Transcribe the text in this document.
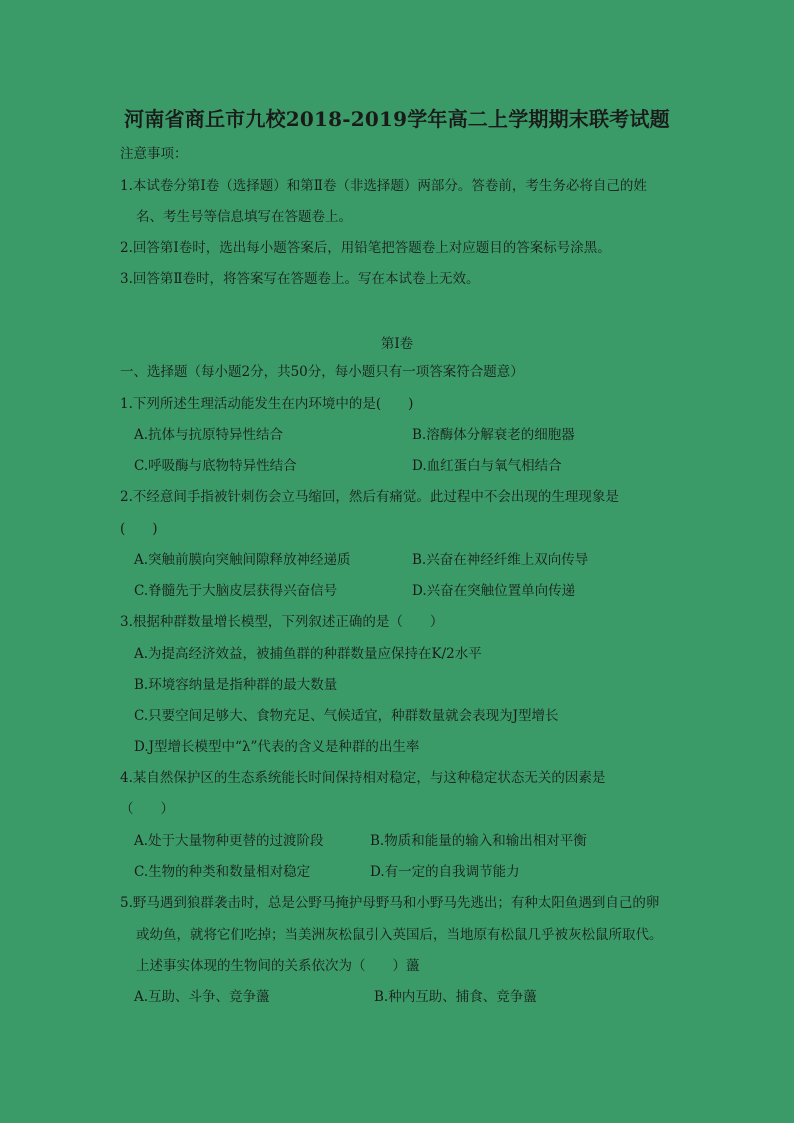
河南省商丘市九校2018-2019学年高二上学期期末联考试题
注意事项：
1.本试卷分第Ⅰ卷（选择题）和第Ⅱ卷（非选择题）两部分。答卷前，考生务必将自己的姓
名、考生号等信息填写在答题卷上。
2.回答第Ⅰ卷时，选出每小题答案后，用铅笔把答题卷上对应题目的答案标号涂黑。
3.回答第Ⅱ卷时，将答案写在答题卷上。写在本试卷上无效。
第Ⅰ卷
一、选择题（每小题2分，共50分，每小题只有一项答案符合题意）
1.下列所述生理活动能发生在内环境中的是(　　)
A.抗体与抗原特异性结合	B.溶酶体分解衰老的细胞器
C.呼吸酶与底物特异性结合	D.血红蛋白与氧气相结合
2.不经意间手指被针刺伤会立马缩回，然后有痛觉。此过程中不会出现的生理现象是
(　　)
A.突触前膜向突触间隙释放神经递质	B.兴奋在神经纤维上双向传导
C.脊髓先于大脑皮层获得兴奋信号	D.兴奋在突触位置单向传递
3.根据种群数量增长模型，下列叙述正确的是（　　）
A.为提高经济效益，被捕鱼群的种群数量应保持在K/2水平
B.环境容纳量是指种群的最大数量
C.只要空间足够大、食物充足、气候适宜，种群数量就会表现为J型增长
D.J型增长模型中“λ”代表的含义是种群的出生率
4.某自然保护区的生态系统能长时间保持相对稳定，与这种稳定状态无关的因素是
（　　）
A.处于大量物种更替的过渡阶段	B.物质和能量的输入和输出相对平衡
C.生物的种类和数量相对稳定	D.有一定的自我调节能力
5.野马遇到狼群袭击时，总是公野马掩护母野马和小野马先逃出；有种太阳鱼遇到自己的卵
或幼鱼，就将它们吃掉；当美洲灰松鼠引入英国后，当地原有松鼠几乎被灰松鼠所取代。
上述事实体现的生物间的关系依次为（　　）蘯
A.互助、斗争、竞争蘯	B.种内互助、捕食、竞争蘯
